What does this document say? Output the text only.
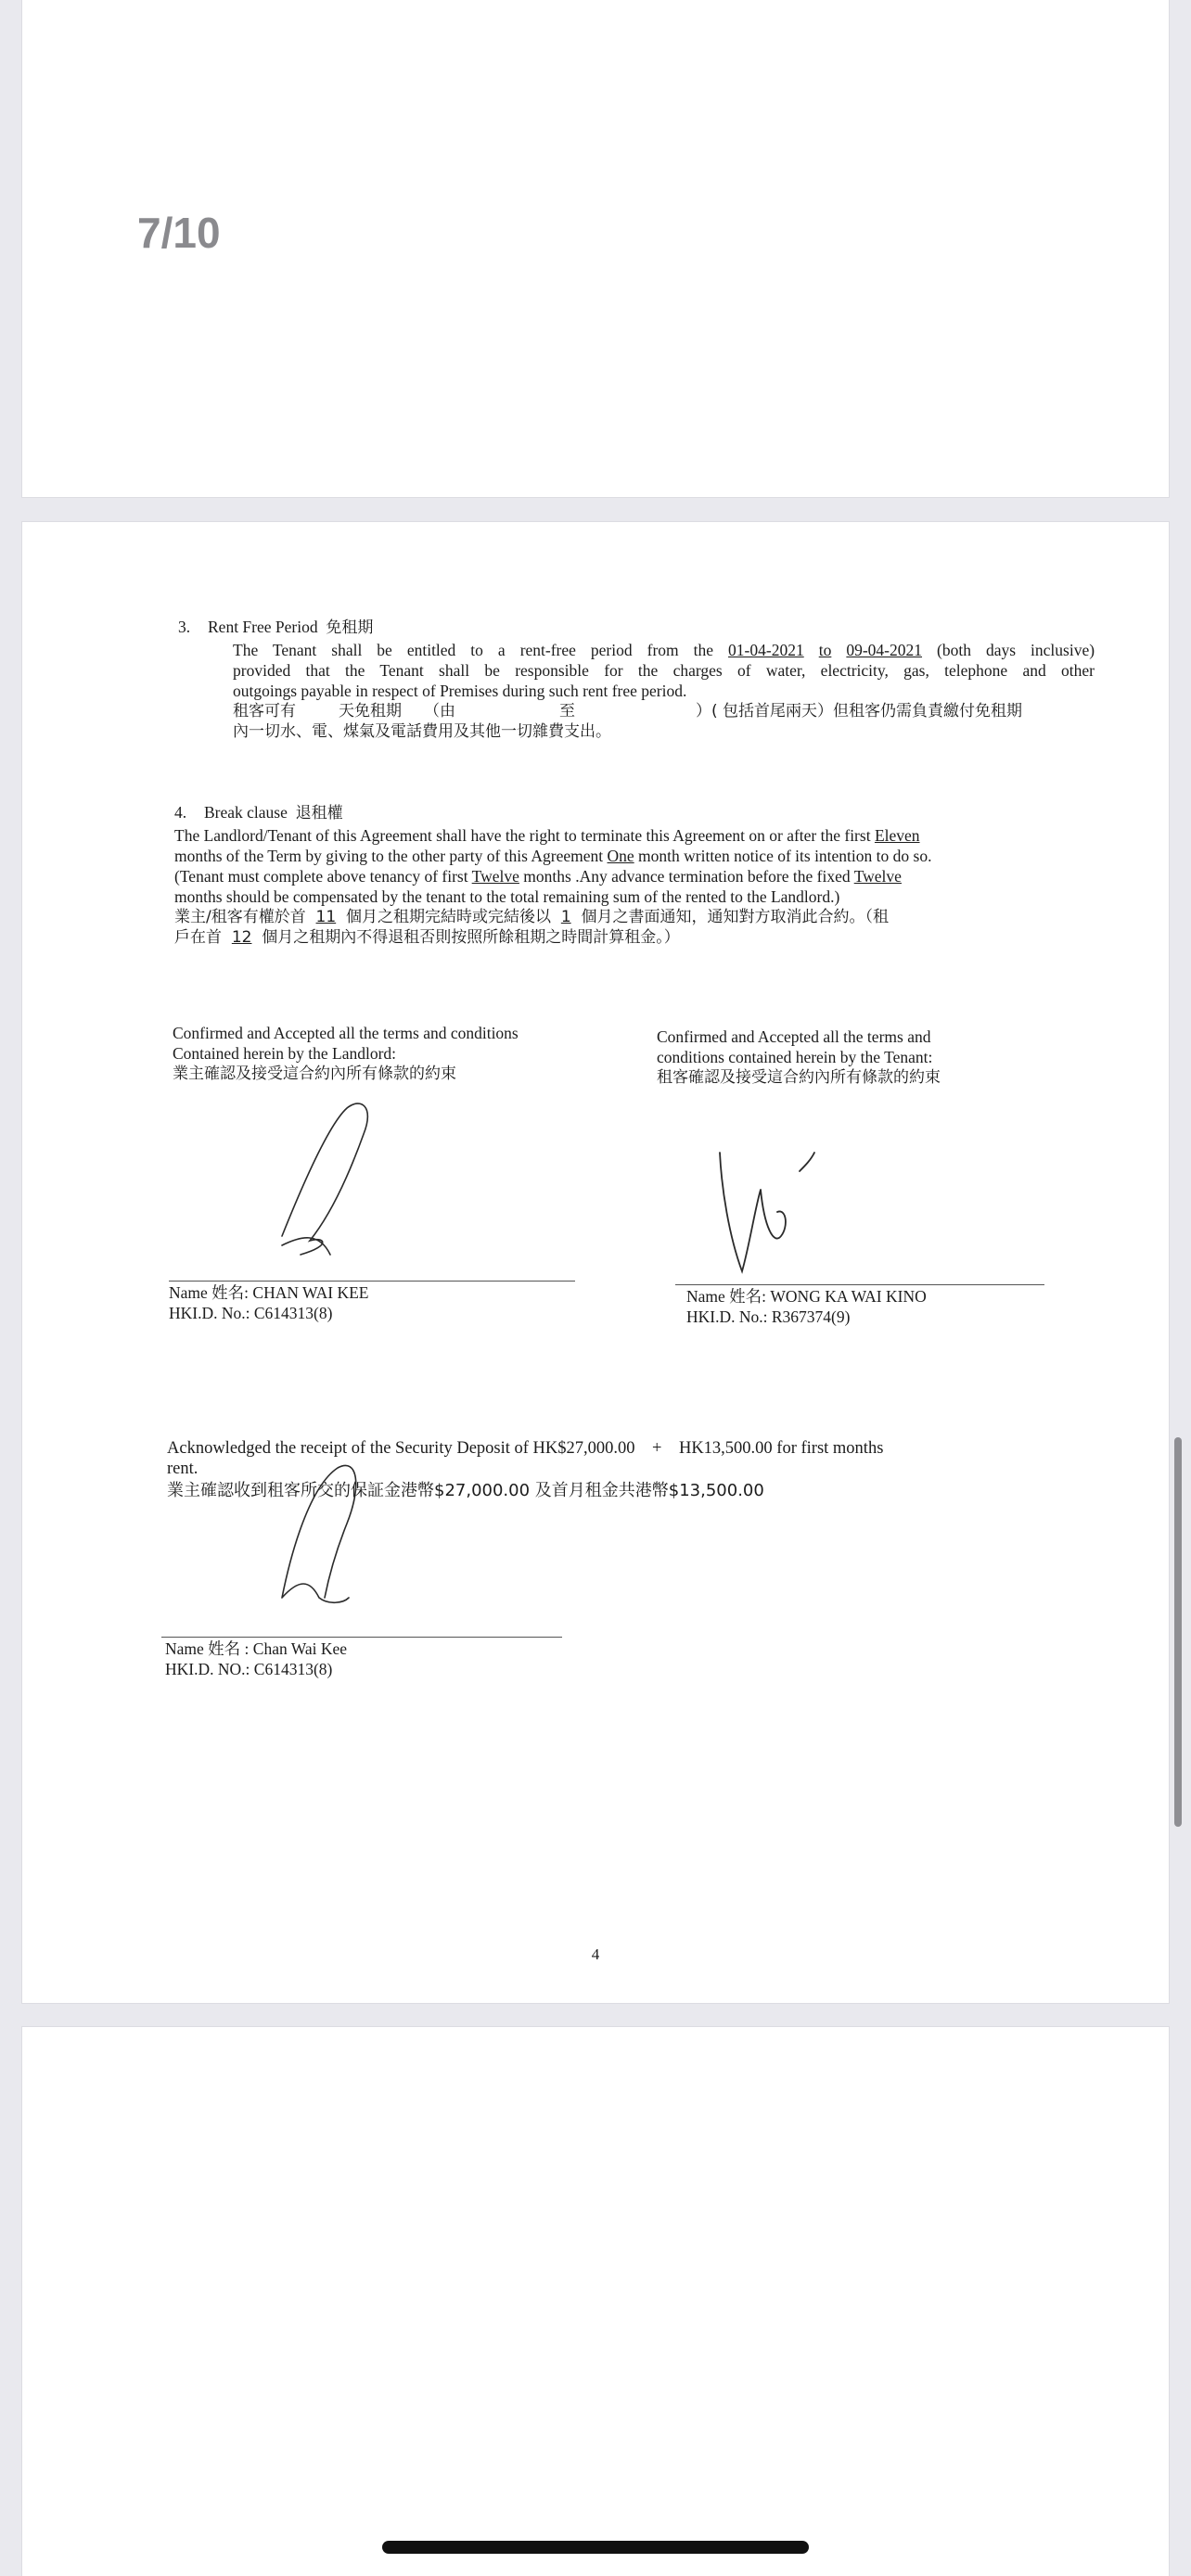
7/10
3. Rent Free Period 免租期
The Tenant shall be entitled to a rent-free period from the 01-04-2021 to 09-04-2021 (both days inclusive)
provided that the Tenant shall be responsible for the charges of water, electricity, gas, telephone and other
outgoings payable in respect of Premises during such rent free period.
租客可有	天免租期 （由	至	）( 包括首尾兩天）但租客仍需負責繳付免租期
內一切水、電、煤氣及電話費用及其他一切雜費支出。
4. Break clause 退租權
The Landlord/Tenant of this Agreement shall have the right to terminate this Agreement on or after the first Eleven
months of the Term by giving to the other party of this Agreement One month written notice of its intention to do so.
(Tenant must complete above tenancy of first Twelve months .Any advance termination before the fixed Twelve
months should be compensated by the tenant to the total remaining sum of the rented to the Landlord.)
業主/租客有權於首 11 個月之租期完結時或完結後以 1 個月之書面通知，通知對方取消此合約。（租
戶在首 12 個月之租期內不得退租否則按照所餘租期之時間計算租金。）
Confirmed and Accepted all the terms and conditions
Contained herein by the Landlord:
業主確認及接受這合約內所有條款的約束
Confirmed and Accepted all the terms and
conditions contained herein by the Tenant:
租客確認及接受這合約內所有條款的約束
Name 姓名: CHAN WAI KEE
HKI.D. No.: C614313(8)
Name 姓名: WONG KA WAI KINO
HKI.D. No.: R367374(9)
Acknowledged the receipt of the Security Deposit of HK$27,000.00 + HK13,500.00 for first months
rent.
業主確認收到租客所交的保証金港幣$27,000.00 及首月租金共港幣$13,500.00
Name 姓名 : Chan Wai Kee
HKI.D. NO.: C614313(8)
4
